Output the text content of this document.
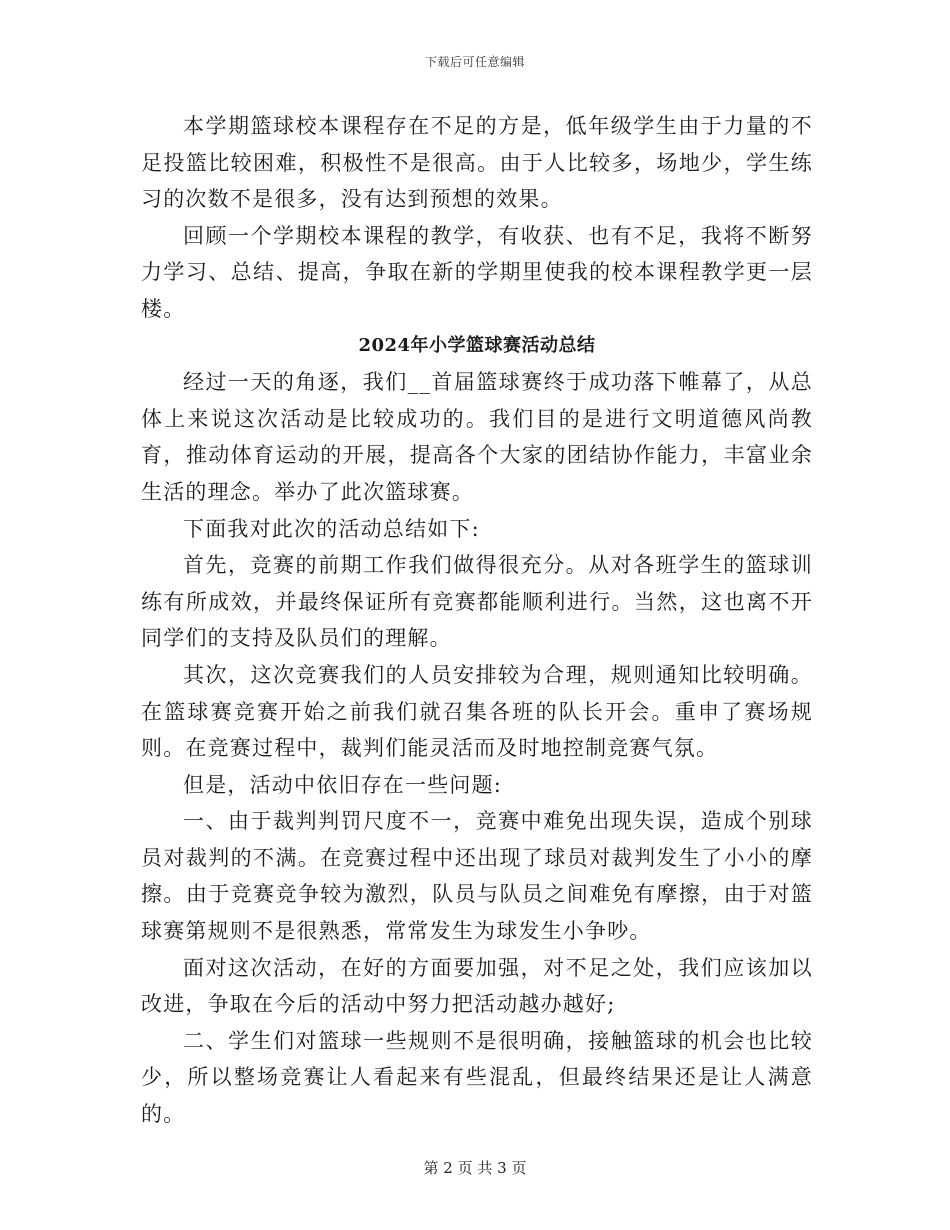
下载后可任意编辑

本学期篮球校本课程存在不足的方是，低年级学生由于力量的不足投篮比较困难，积极性不是很高。由于人比较多，场地少，学生练习的次数不是很多，没有达到预想的效果。

回顾一个学期校本课程的教学，有收获、也有不足，我将不断努力学习、总结、提高，争取在新的学期里使我的校本课程教学更一层楼。

2024年小学篮球赛活动总结

经过一天的角逐，我们__首届篮球赛终于成功落下帷幕了，从总体上来说这次活动是比较成功的。我们目的是进行文明道德风尚教育，推动体育运动的开展，提高各个大家的团结协作能力，丰富业余生活的理念。举办了此次篮球赛。

下面我对此次的活动总结如下:

首先，竞赛的前期工作我们做得很充分。从对各班学生的篮球训练有所成效，并最终保证所有竞赛都能顺利进行。当然，这也离不开同学们的支持及队员们的理解。

其次，这次竞赛我们的人员安排较为合理，规则通知比较明确。在篮球赛竞赛开始之前我们就召集各班的队长开会。重申了赛场规则。在竞赛过程中，裁判们能灵活而及时地控制竞赛气氛。

但是，活动中依旧存在一些问题:

一、由于裁判判罚尺度不一，竞赛中难免出现失误，造成个别球员对裁判的不满。在竞赛过程中还出现了球员对裁判发生了小小的摩擦。由于竞赛竞争较为激烈，队员与队员之间难免有摩擦，由于对篮球赛第规则不是很熟悉，常常发生为球发生小争吵。

面对这次活动，在好的方面要加强，对不足之处，我们应该加以改进，争取在今后的活动中努力把活动越办越好;

二、学生们对篮球一些规则不是很明确，接触篮球的机会也比较少，所以整场竞赛让人看起来有些混乱，但最终结果还是让人满意的。

第 2 页 共 3 页
